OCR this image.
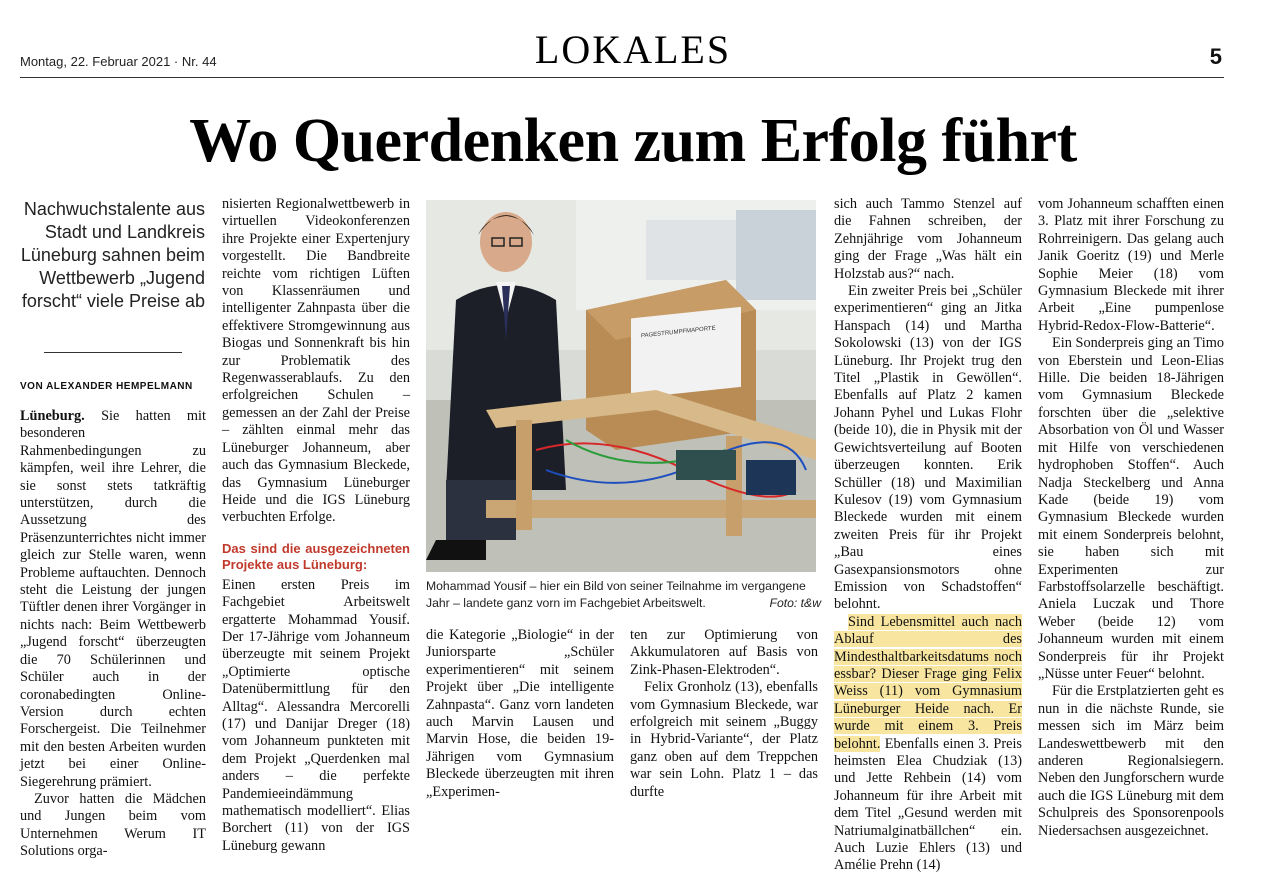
Montag, 22. Februar 2021 · Nr. 44	LOKALES	5
Wo Querdenken zum Erfolg führt
Nachwuchstalente aus Stadt und Landkreis Lüneburg sahnen beim Wettbewerb „Jugend forscht“ viele Preise ab
VON ALEXANDER HEMPELMANN

Lüneburg. Sie hatten mit besonderen Rahmenbedingungen zu kämpfen, weil ihre Lehrer, die sie sonst stets tatkräftig unterstützen, durch die Aussetzung des Präsenzunterrichtes nicht immer gleich zur Stelle waren, wenn Probleme auftauchten. Dennoch steht die Leistung der jungen Tüftler denen ihrer Vorgänger in nichts nach: Beim Wettbewerb „Jugend forscht“ überzeugten die 70 Schülerinnen und Schüler auch in der coronabedingten Online-Version durch echten Forschergeist. Die Teilnehmer mit den besten Arbeiten wurden jetzt bei einer Online-Siegerehrung prämiert.

Zuvor hatten die Mädchen und Jungen beim vom Unternehmen Werum IT Solutions orga-

nisierten Regionalwettbewerb in virtuellen Videokonferenzen ihre Projekte einer Expertenjury vorgestellt. Die Bandbreite reichte vom richtigen Lüften von Klassenräumen und intelligenter Zahnpasta über die effektivere Stromgewinnung aus Biogas und Sonnenkraft bis hin zur Problematik des Regenwasserablaufs. Zu den erfolgreichen Schulen – gemessen an der Zahl der Preise – zählten einmal mehr das Lüneburger Johanneum, aber auch das Gymnasium Bleckede, das Gymnasium Lüneburger Heide und die IGS Lüneburg verbuchten Erfolge.

Das sind die ausgezeichneten Projekte aus Lüneburg:

Einen ersten Preis im Fachgebiet Arbeitswelt ergatterte Mohammad Yousif. Der 17-Jährige vom Johanneum überzeugte mit seinem Projekt „Optimierte optische Datenübermittlung für den Alltag“. Alessandra Mercorelli (17) und Danijar Dreger (18) vom Johanneum punkteten mit dem Projekt „Querdenken mal anders – die perfekte Pandemieeindämmung mathematisch modelliert“. Elias Borchert (11) von der IGS Lüneburg gewann

PAGESTRUMPFMAPORTE
Mohammad Yousif – hier ein Bild von seiner Teilnahme im vergangene Jahr – landete ganz vorn im Fachgebiet Arbeitswelt.	Foto: t&w

die Kategorie „Biologie“ in der Juniorsparte „Schüler experimentieren“ mit seinem Projekt über „Die intelligente Zahnpasta“. Ganz vorn landeten auch Marvin Lausen und Marvin Hose, die beiden 19-Jährigen vom Gymnasium Bleckede überzeugten mit ihren „Experimen-

ten zur Optimierung von Akkumulatoren auf Basis von Zink-Phasen-Elektroden“.

Felix Gronholz (13), ebenfalls vom Gymnasium Bleckede, war erfolgreich mit seinem „Buggy in Hybrid-Variante“, der Platz ganz oben auf dem Treppchen war sein Lohn. Platz 1 – das durfte

sich auch Tammo Stenzel auf die Fahnen schreiben, der Zehnjährige vom Johanneum ging der Frage „Was hält ein Holzstab aus?“ nach.

Ein zweiter Preis bei „Schüler experimentieren“ ging an Jitka Hanspach (14) und Martha Sokolowski (13) von der IGS Lüneburg. Ihr Projekt trug den Titel „Plastik in Gewöllen“. Ebenfalls auf Platz 2 kamen Johann Pyhel und Lukas Flohr (beide 10), die in Physik mit der Gewichtsverteilung auf Booten überzeugen konnten. Erik Schüller (18) und Maximilian Kulesov (19) vom Gymnasium Bleckede wurden mit einem zweiten Preis für ihr Projekt „Bau eines Gasexpansionsmotors ohne Emission von Schadstoffen“ belohnt.

Sind Lebensmittel auch nach Ablauf des Mindesthaltbarkeitsdatums noch essbar? Dieser Frage ging Felix Weiss (11) vom Gymnasium Lüneburger Heide nach. Er wurde mit einem 3. Preis belohnt. Ebenfalls einen 3. Preis heimsten Elea Chudziak (13) und Jette Rehbein (14) vom Johanneum für ihre Arbeit mit dem Titel „Gesund werden mit Natriumalginatbällchen“ ein. Auch Luzie Ehlers (13) und Amélie Prehn (14)

vom Johanneum schafften einen 3. Platz mit ihrer Forschung zu Rohrreinigern. Das gelang auch Janik Goeritz (19) und Merle Sophie Meier (18) vom Gymnasium Bleckede mit ihrer Arbeit „Eine pumpenlose Hybrid-Redox-Flow-Batterie“.

Ein Sonderpreis ging an Timo von Eberstein und Leon-Elias Hille. Die beiden 18-Jährigen vom Gymnasium Bleckede forschten über die „selektive Absorbation von Öl und Wasser mit Hilfe von verschiedenen hydrophoben Stoffen“. Auch Nadja Steckelberg und Anna Kade (beide 19) vom Gymnasium Bleckede wurden mit einem Sonderpreis belohnt, sie haben sich mit Experimenten zur Farbstoffsolarzelle beschäftigt. Aniela Luczak und Thore Weber (beide 12) vom Johanneum wurden mit einem Sonderpreis für ihr Projekt „Nüsse unter Feuer“ belohnt.

Für die Erstplatzierten geht es nun in die nächste Runde, sie messen sich im März beim Landeswettbewerb mit den anderen Regionalsiegern. Neben den Jungforschern wurde auch die IGS Lüneburg mit dem Schulpreis des Sponsorenpools Niedersachsen ausgezeichnet.
